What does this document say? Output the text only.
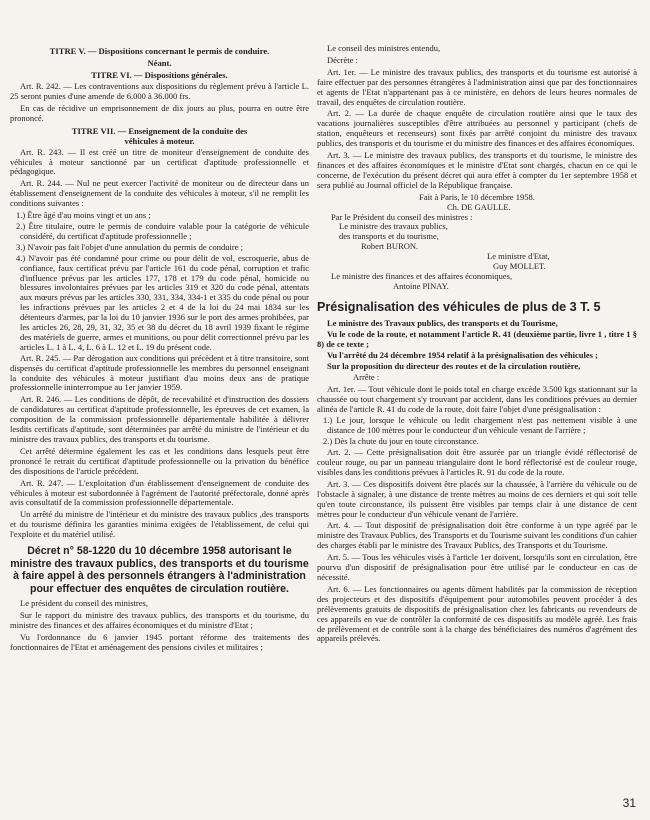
TITRE V. — Dispositions concernant le permis de conduire.

Néant.

TITRE VI. — Dispositions générales.

Art. R. 242. — Les contraventions aux dispositions du règlement prévu à l'article L. 25 seront punies d'une amende de 6.000 à 36.000 frs.

En cas de récidive un emprisonnement de dix jours au plus, pourra en outre être prononcé.

TITRE VII. — Enseignement de la conduite des

véhicules à moteur.

Art. R. 243. — Il est créé un titre de moniteur d'enseignement de conduite des véhicules à moteur sanctionné par un certificat d'aptitude professionnelle et pédagogique.

Art. R. 244. — Nul ne peut exercer l'activité de moniteur ou de directeur dans un établissement d'enseignement de la conduite des véhicules à moteur, s'il ne remplit les conditions suivantes :

1.) Être âgé d'au moins vingt et un ans ;

2.) Être titulaire, outre le permis de conduire valable pour la catégorie de véhicule considéré, du certificat d'aptitude professionnelle ;

3.) N'avoir pas fait l'objet d'une annulation du permis de conduire ;

4.) N'avoir pas été condamné pour crime ou pour délit de vol, escroquerie, abus de confiance, faux certificat prévu par l'article 161 du code pénal, corruption et trafic d'influence prévus par les articles 177, 178 et 179 du code pénal, homicide ou blessures involontaires prévues par les articles 319 et 320 du code pénal, attentats aux mœurs prévus par les articles 330, 331, 334, 334-1 et 335 du code pénal ou pour les infractions prévues par les articles 2 et 4 de la loi du 24 mai 1834 sur les détenteurs d'armes, par la loi du 10 janvier 1936 sur le port des armes prohibées, par les articles 26, 28, 29, 31, 32, 35 et 38 du décret du 18 avril 1939 fixant le régime des matériels de guerre, armes et munitions, ou pour délit correctionnel prévu par les articles L. 1 à L. 4, L. 6 à L. 12 et L. 19 du présent code.

Art. R. 245. — Par dérogation aux conditions qui précèdent et à titre transitoire, sont dispensés du certificat d'aptitude professionnelle les membres du personnel enseignant la conduite des véhicules à moteur justifiant d'au moins deux ans de pratique professionnelle ininterrompue au 1er janvier 1959.

Art. R. 246. — Les conditions de dépôt, de recevabilité et d'instruction des dossiers de candidatures au certificat d'aptitude professionnelle, les épreuves de cet examen, la composition de la commission professionnelle départementale habilitée à délivrer lesdits certificats d'aptitude, sont déterminées par arrêté du ministre de l'intérieur et du ministre des travaux publics, des transports et du tourisme.

Cet arrêté détermine également les cas et les conditions dans lesquels peut être prononcé le retrait du certificat d'aptitude professionnelle ou la privation du bénéfice des dispositions de l'article précédent.

Art. R. 247. — L'exploitation d'un établissement d'enseignement de conduite des véhicules à moteur est subordonnée à l'agrément de l'autorité préfectorale, donné après avis consultatif de la commission professionnelle départementale.

Un arrêté du ministre de l'intérieur et du ministre des travaux publics ,des transports et du tourisme définira les garanties minima exigées de l'établissement, de celui qui l'exploite et du matériel utilisé.

Décret n° 58-1220 du 10 décembre 1958 autorisant le ministre des travaux publics, des transports et du tourisme à faire appel à des personnels étrangers à l'administration pour effectuer des enquêtes de circulation routière.

Le président du conseil des ministres,

Sur le rapport du ministre des travaux publics, des transports et du tourisme, du ministre des finances et des affaires économiques et du ministre d'Etat ;

Vu l'ordonnance du 6 janvier 1945 portant réforme des traitements des fonctionnaires de l'Etat et aménagement des pensions civiles et militaires ;

Le conseil des ministres entendu,

Décrète :

Art. 1er. — Le ministre des travaux publics, des transports et du tourisme est autorisé à faire effectuer par des personnes étrangères à l'administration ainsi que par des fonctionnaires et agents de l'Etat n'appartenant pas à ce ministère, en dehors de leurs heures normales de travail, des enquêtes de circulation routière.

Art. 2. — La durée de chaque enquête de circulation routière ainsi que le taux des vacations journalières susceptibles d'être attribuées au personnel y participant (chefs de station, enquêteurs et recenseurs) sont fixés par arrêté conjoint du ministre des travaux publics, des transports et du tourisme et du ministre des finances et des affaires économiques.

Art. 3. — Le ministre des travaux publics, des transports et du tourisme, le ministre des finances et des affaires économiques et le ministre d'Etat sont chargés, chacun en ce qui le concerne, de l'exécution du présent décret qui aura effet à compter du 1er septembre 1958 et sera publié au Journal officiel de la République française.

Fait à Paris, le 10 décembre 1958.

Ch. DE GAULLE.

Par le Président du conseil des ministres :

Le ministre des travaux publics,

des transports et du tourisme,

Robert BURON.

Le ministre d'Etat,

Guy MOLLET.

Le ministre des finances et des affaires économiques,

Antoine PINAY.

Présignalisation des véhicules de plus de 3 T. 5

Le ministre des Travaux publics, des transports et du Tourisme,

Vu le code de la route, et notamment l'article R. 41 (deuxième partie, livre 1 , titre 1 § 8) de ce texte ;

Vu l'arrêté du 24 décembre 1954 relatif à la présignalisation des véhicules ;

Sur la proposition du directeur des routes et de la circulation routière,

Arrête :

Art. 1er. — Tout véhicule dont le poids total en charge excède 3.500 kgs stationnant sur la chaussée ou tout chargement s'y trouvant par accident, dans les conditions prévues au dernier alinéa de l'article R. 41 du code de la route, doit faire l'objet d'une présignalisation :

1.) Le jour, lorsque le véhicule ou ledit chargement n'est pas nettement visible à une distance de 100 mètres pour le conducteur d'un véhicule venant de l'arrière ;

2.) Dès la chute du jour en toute circonstance.

Art. 2. — Cette présignalisation doit être assurée par un triangle évidé réflectorisé de couleur rouge, ou par un panneau triangulaire dont le bord réflectorisé est de couleur rouge, visibles dans les conditions prévues à l'articles R. 91 du code de la route.

Art. 3. — Ces dispositifs doivent être placés sur la chaussée, à l'arrière du véhicule ou de l'obstacle à signaler, à une distance de trente mètres au moins de ces derniers et qui soit telle qu'en toute circonstance, ils puissent être visibles par temps clair à une distance de cent mètres pour le conducteur d'un véhicule venant de l'arrière.

Art. 4. — Tout dispositif de présignalisation doit être conforme à un type agréé par le ministre des Travaux Publics, des Transports et du Tourisme suivant les conditions d'un cahier des charges établi par le ministre des Travaux Publics, des Transports et du Tourisme.

Art. 5. — Tous les véhicules visés à l'article 1er doivent, lorsqu'ils sont en circulation, être pourvu d'un dispositif de présignalisation pour être utilisé par le conducteur en cas de nécessité.

Art. 6. — Les fonctionnaires ou agents dûment habilités par la commission de réception des projecteurs et des dispositifs d'équipement pour automobiles peuvent procéder à des prélèvements gratuits de dispositifs de présignalisation chez les fabricants ou revendeurs de ces appareils en vue de contrôler la conformité de ces dispositifs au modèle agréé. Les frais de prélèvement et de contrôle sont à la charge des bénéficiaires des numéros d'agrément des appareils prélevés.

31
